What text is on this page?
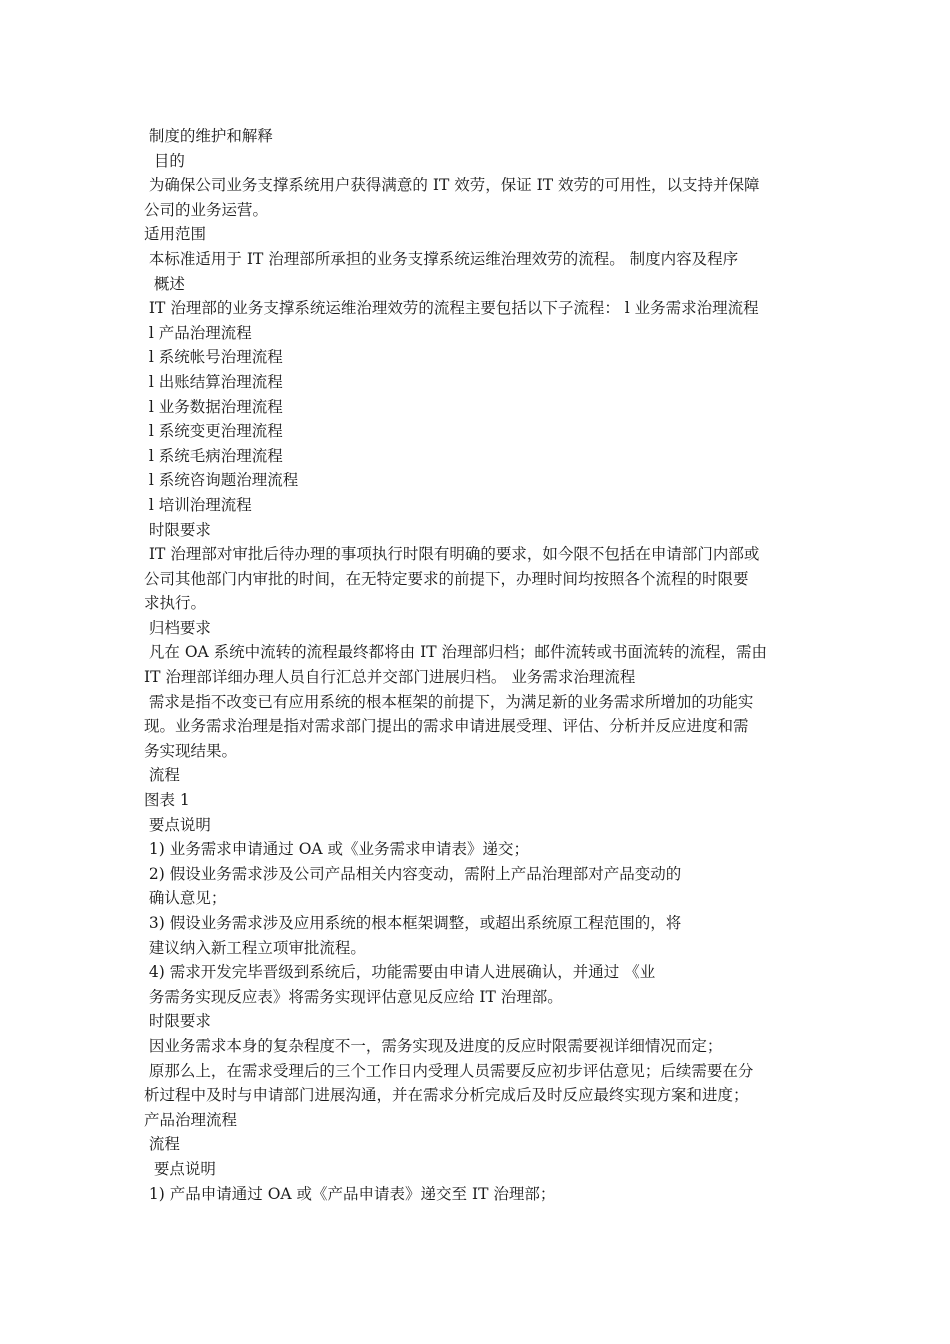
制度的维护和解释
目的
为确保公司业务支撑系统用户获得满意的 IT 效劳，保证 IT 效劳的可用性，以支持并保障
公司的业务运营。
适用范围
本标准适用于 IT 治理部所承担的业务支撑系统运维治理效劳的流程。 制度内容及程序
概述
IT 治理部的业务支撑系统运维治理效劳的流程主要包括以下子流程： l 业务需求治理流程
l 产品治理流程
l 系统帐号治理流程
l 出账结算治理流程
l 业务数据治理流程
l 系统变更治理流程
l 系统毛病治理流程
l 系统咨询题治理流程
l 培训治理流程
时限要求
IT 治理部对审批后待办理的事项执行时限有明确的要求，如今限不包括在申请部门内部或
公司其他部门内审批的时间，在无特定要求的前提下，办理时间均按照各个流程的时限要
求执行。
归档要求
凡在 OA 系统中流转的流程最终都将由 IT 治理部归档；邮件流转或书面流转的流程，需由
IT 治理部详细办理人员自行汇总并交部门进展归档。 业务需求治理流程
需求是指不改变已有应用系统的根本框架的前提下，为满足新的业务需求所增加的功能实
现。业务需求治理是指对需求部门提出的需求申请进展受理、评估、分析并反应进度和需
务实现结果。
流程
图表 1
要点说明
1) 业务需求申请通过 OA 或《业务需求申请表》递交；
2) 假设业务需求涉及公司产品相关内容变动，需附上产品治理部对产品变动的
确认意见；
3) 假设业务需求涉及应用系统的根本框架调整，或超出系统原工程范围的，将
建议纳入新工程立项审批流程。
4) 需求开发完毕晋级到系统后，功能需要由申请人进展确认，并通过 《业
务需务实现反应表》将需务实现评估意见反应给 IT 治理部。
时限要求
因业务需求本身的复杂程度不一，需务实现及进度的反应时限需要视详细情况而定；
原那么上，在需求受理后的三个工作日内受理人员需要反应初步评估意见；后续需要在分
析过程中及时与申请部门进展沟通，并在需求分析完成后及时反应最终实现方案和进度；
产品治理流程
流程
要点说明
1) 产品申请通过 OA 或《产品申请表》递交至 IT 治理部；
